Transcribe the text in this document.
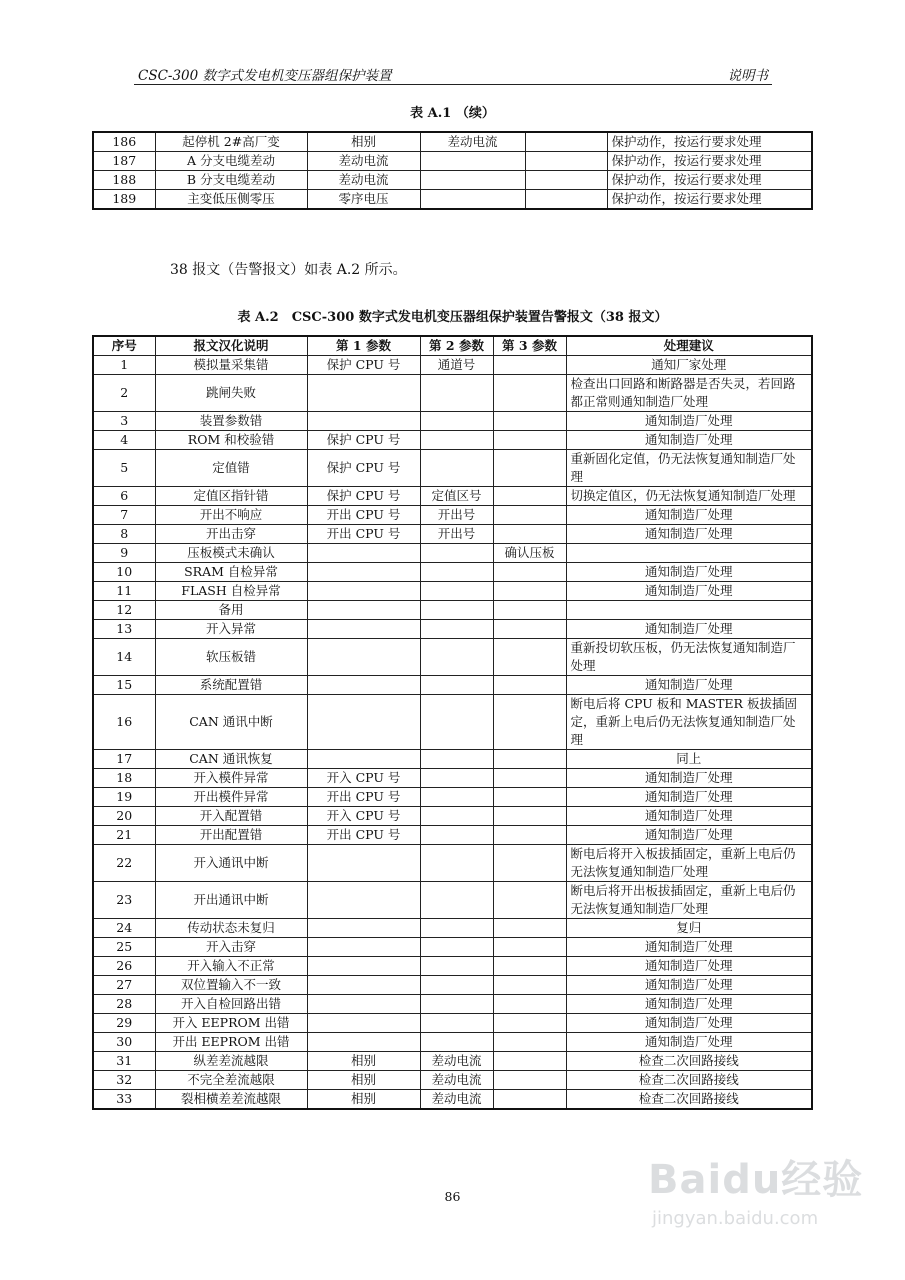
CSC-300 数字式发电机变压器组保护装置	说明书
表 A.1 （续）
186	起停机 2#高厂变	相别	差动电流		保护动作，按运行要求处理
187	A 分支电缆差动	差动电流			保护动作，按运行要求处理
188	B 分支电缆差动	差动电流			保护动作，按运行要求处理
189	主变低压侧零压	零序电压			保护动作，按运行要求处理
38 报文（告警报文）如表 A.2 所示。
表 A.2　CSC-300 数字式发电机变压器组保护装置告警报文（38 报文）
序号	报文汉化说明	第 1 参数	第 2 参数	第 3 参数	处理建议
1	模拟量采集错	保护 CPU 号	通道号		通知厂家处理
2	跳闸失败				检查出口回路和断路器是否失灵，若回路都正常则通知制造厂处理
3	装置参数错				通知制造厂处理
4	ROM 和校验错	保护 CPU 号			通知制造厂处理
5	定值错	保护 CPU 号			重新固化定值，仍无法恢复通知制造厂处理
6	定值区指针错	保护 CPU 号	定值区号		切换定值区，仍无法恢复通知制造厂处理
7	开出不响应	开出 CPU 号	开出号		通知制造厂处理
8	开出击穿	开出 CPU 号	开出号		通知制造厂处理
9	压板模式未确认			确认压板	
10	SRAM 自检异常				通知制造厂处理
11	FLASH 自检异常				通知制造厂处理
12	备用				
13	开入异常				通知制造厂处理
14	软压板错				重新投切软压板，仍无法恢复通知制造厂处理
15	系统配置错				通知制造厂处理
16	CAN 通讯中断				断电后将 CPU 板和 MASTER 板拔插固定，重新上电后仍无法恢复通知制造厂处理
17	CAN 通讯恢复				同上
18	开入模件异常	开入 CPU 号			通知制造厂处理
19	开出模件异常	开出 CPU 号			通知制造厂处理
20	开入配置错	开入 CPU 号			通知制造厂处理
21	开出配置错	开出 CPU 号			通知制造厂处理
22	开入通讯中断				断电后将开入板拔插固定，重新上电后仍无法恢复通知制造厂处理
23	开出通讯中断				断电后将开出板拔插固定，重新上电后仍无法恢复通知制造厂处理
24	传动状态未复归				复归
25	开入击穿				通知制造厂处理
26	开入输入不正常				通知制造厂处理
27	双位置输入不一致				通知制造厂处理
28	开入自检回路出错				通知制造厂处理
29	开入 EEPROM 出错				通知制造厂处理
30	开出 EEPROM 出错				通知制造厂处理
31	纵差差流越限	相别	差动电流		检查二次回路接线
32	不完全差流越限	相别	差动电流		检查二次回路接线
33	裂相横差差流越限	相别	差动电流		检查二次回路接线
86	Baidu经验
jingyan.baidu.com
